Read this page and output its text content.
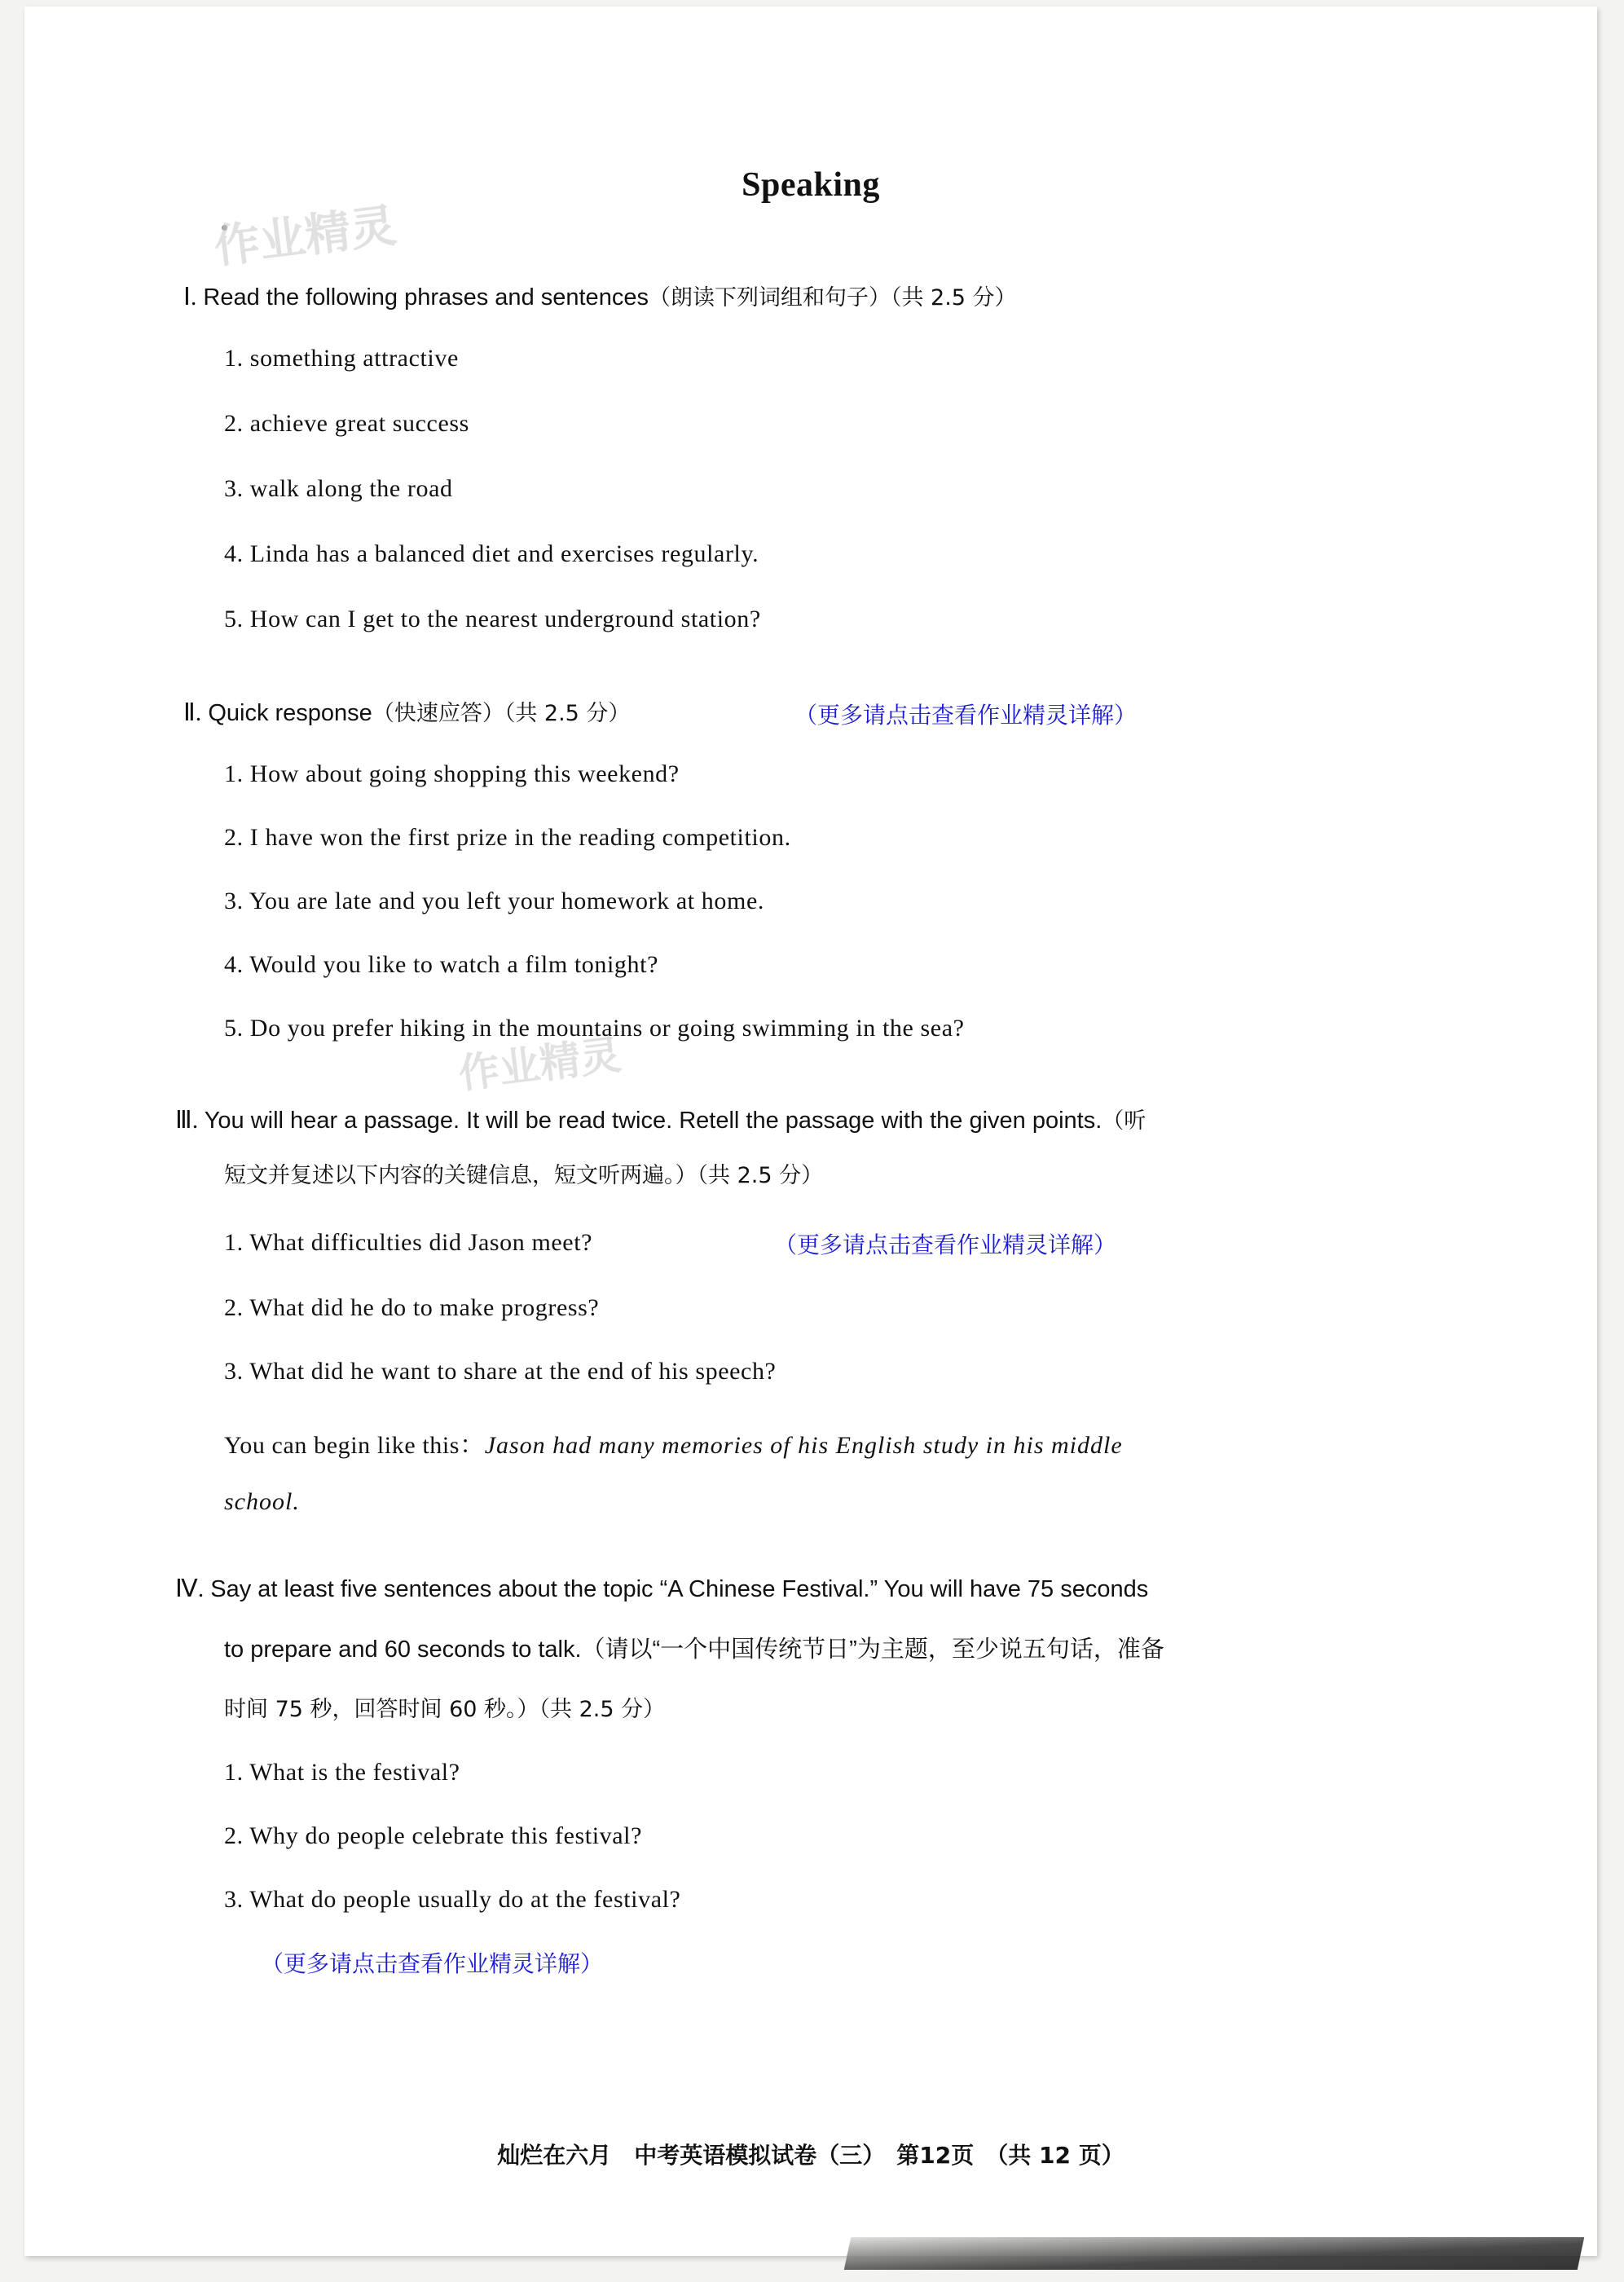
Speaking
作业精灵
作业精灵
Ⅰ. Read the following phrases and sentences（朗读下列词组和句子）（共 2.5 分）
1. something attractive
2. achieve great success
3. walk along the road
4. Linda has a balanced diet and exercises regularly.
5. How can I get to the nearest underground station?
Ⅱ. Quick response（快速应答）（共 2.5 分）	（更多请点击查看作业精灵详解）
1. How about going shopping this weekend?
2. I have won the first prize in the reading competition.
3. You are late and you left your homework at home.
4. Would you like to watch a film tonight?
5. Do you prefer hiking in the mountains or going swimming in the sea?
Ⅲ. You will hear a passage. It will be read twice. Retell the passage with the given points.（听
短文并复述以下内容的关键信息，短文听两遍。）（共 2.5 分）
1. What difficulties did Jason meet?	（更多请点击查看作业精灵详解）
2. What did he do to make progress?
3. What did he want to share at the end of his speech?
You can begin like this：Jason had many memories of his English study in his middle
school.
Ⅳ. Say at least five sentences about the topic “A Chinese Festival.” You will have 75 seconds
to prepare and 60 seconds to talk.（请以“一个中国传统节日”为主题，至少说五句话，准备
时间 75 秒，回答时间 60 秒。）（共 2.5 分）
1. What is the festival?
2. Why do people celebrate this festival?
3. What do people usually do at the festival?
（更多请点击查看作业精灵详解）
灿烂在六月　中考英语模拟试卷（三）　第12页　（共 12 页）
